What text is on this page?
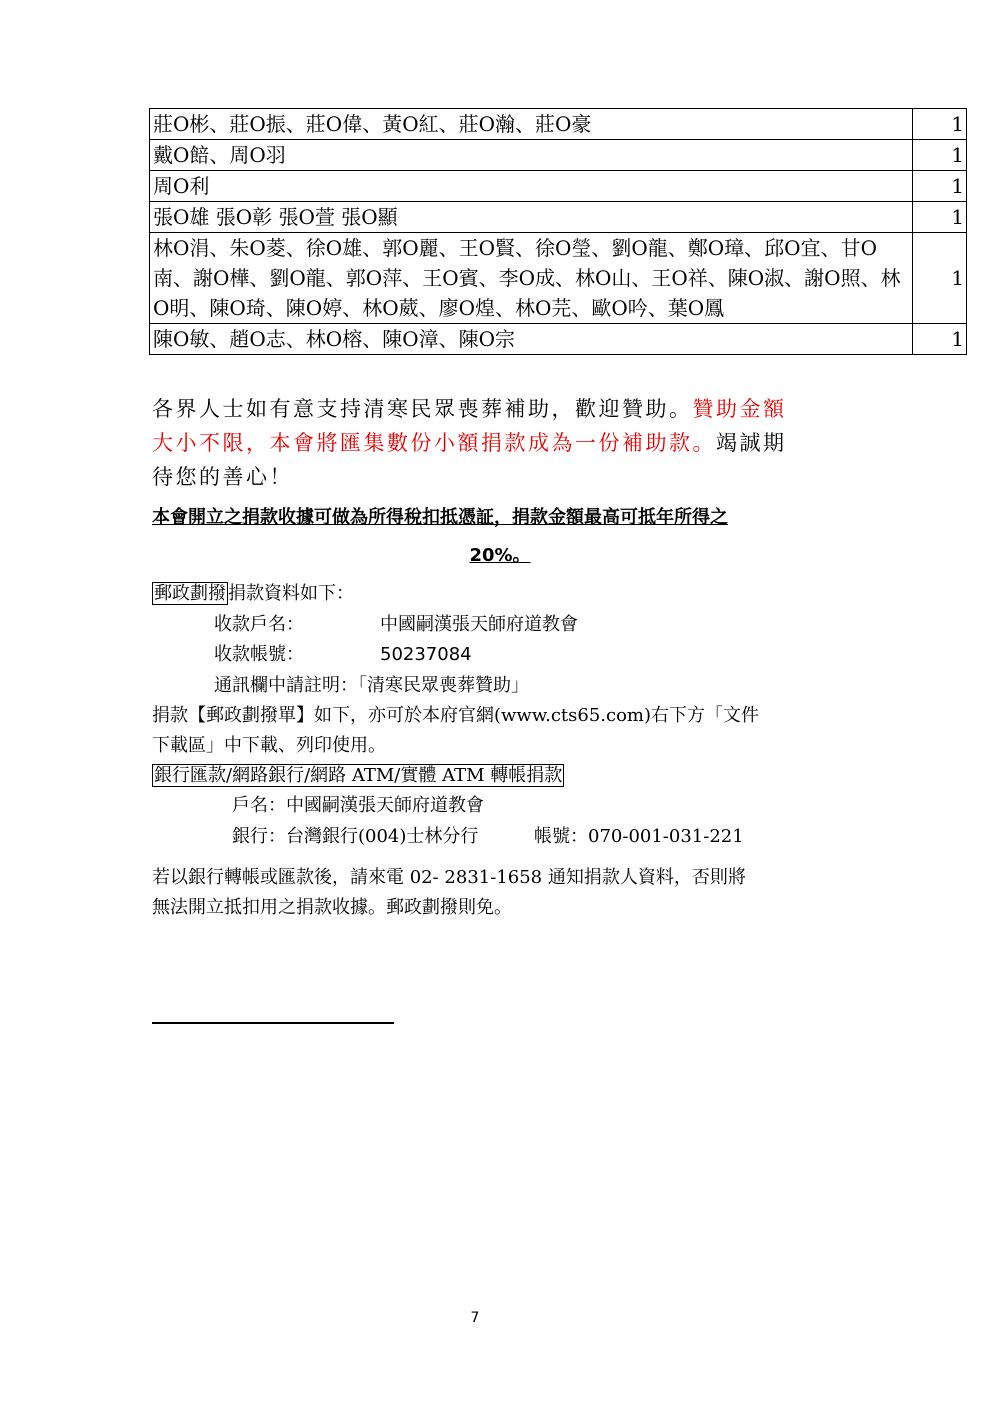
莊O彬、莊O振、莊O偉、黃O紅、莊O瀚、莊O豪	1
戴O餢、周O羽	1
周O利	1
張O雄 張O彰 張O萱 張O顯	1
林O涓、朱O菱、徐O雄、郭O麗、王O賢、徐O瑩、劉O龍、鄭O璋、邱O宜、甘O南、謝O樺、劉O龍、郭O萍、王O賓、李O成、林O山、王O祥、陳O淑、謝O照、林O明、陳O琦、陳O婷、林O葳、廖O煌、林O芫、歐O吟、葉O鳳	1
陳O敏、趙O志、林O榕、陳O漳、陳O宗	1
各界人士如有意支持清寒民眾喪葬補助，歡迎贊助。贊助金額大小不限，本會將匯集數份小額捐款成為一份補助款。竭誠期待您的善心！
本會開立之捐款收據可做為所得稅扣抵憑証，捐款金額最高可抵年所得之
20%。
郵政劃撥 捐款資料如下：
收款戶名：	中國嗣漢張天師府道教會
收款帳號：	50237084
通訊欄中請註明：「清寒民眾喪葬贊助」
捐款【郵政劃撥單】如下，亦可於本府官網(www.cts65.com)右下方「文件
下載區」中下載、列印使用。
銀行匯款/網路銀行/網路 ATM/實體 ATM 轉帳捐款
戶名：中國嗣漢張天師府道教會
銀行：台灣銀行(004)士林分行	帳號：070-001-031-221
若以銀行轉帳或匯款後，請來電 02- 2831-1658 通知捐款人資料，否則將
無法開立抵扣用之捐款收據。郵政劃撥則免。
7
